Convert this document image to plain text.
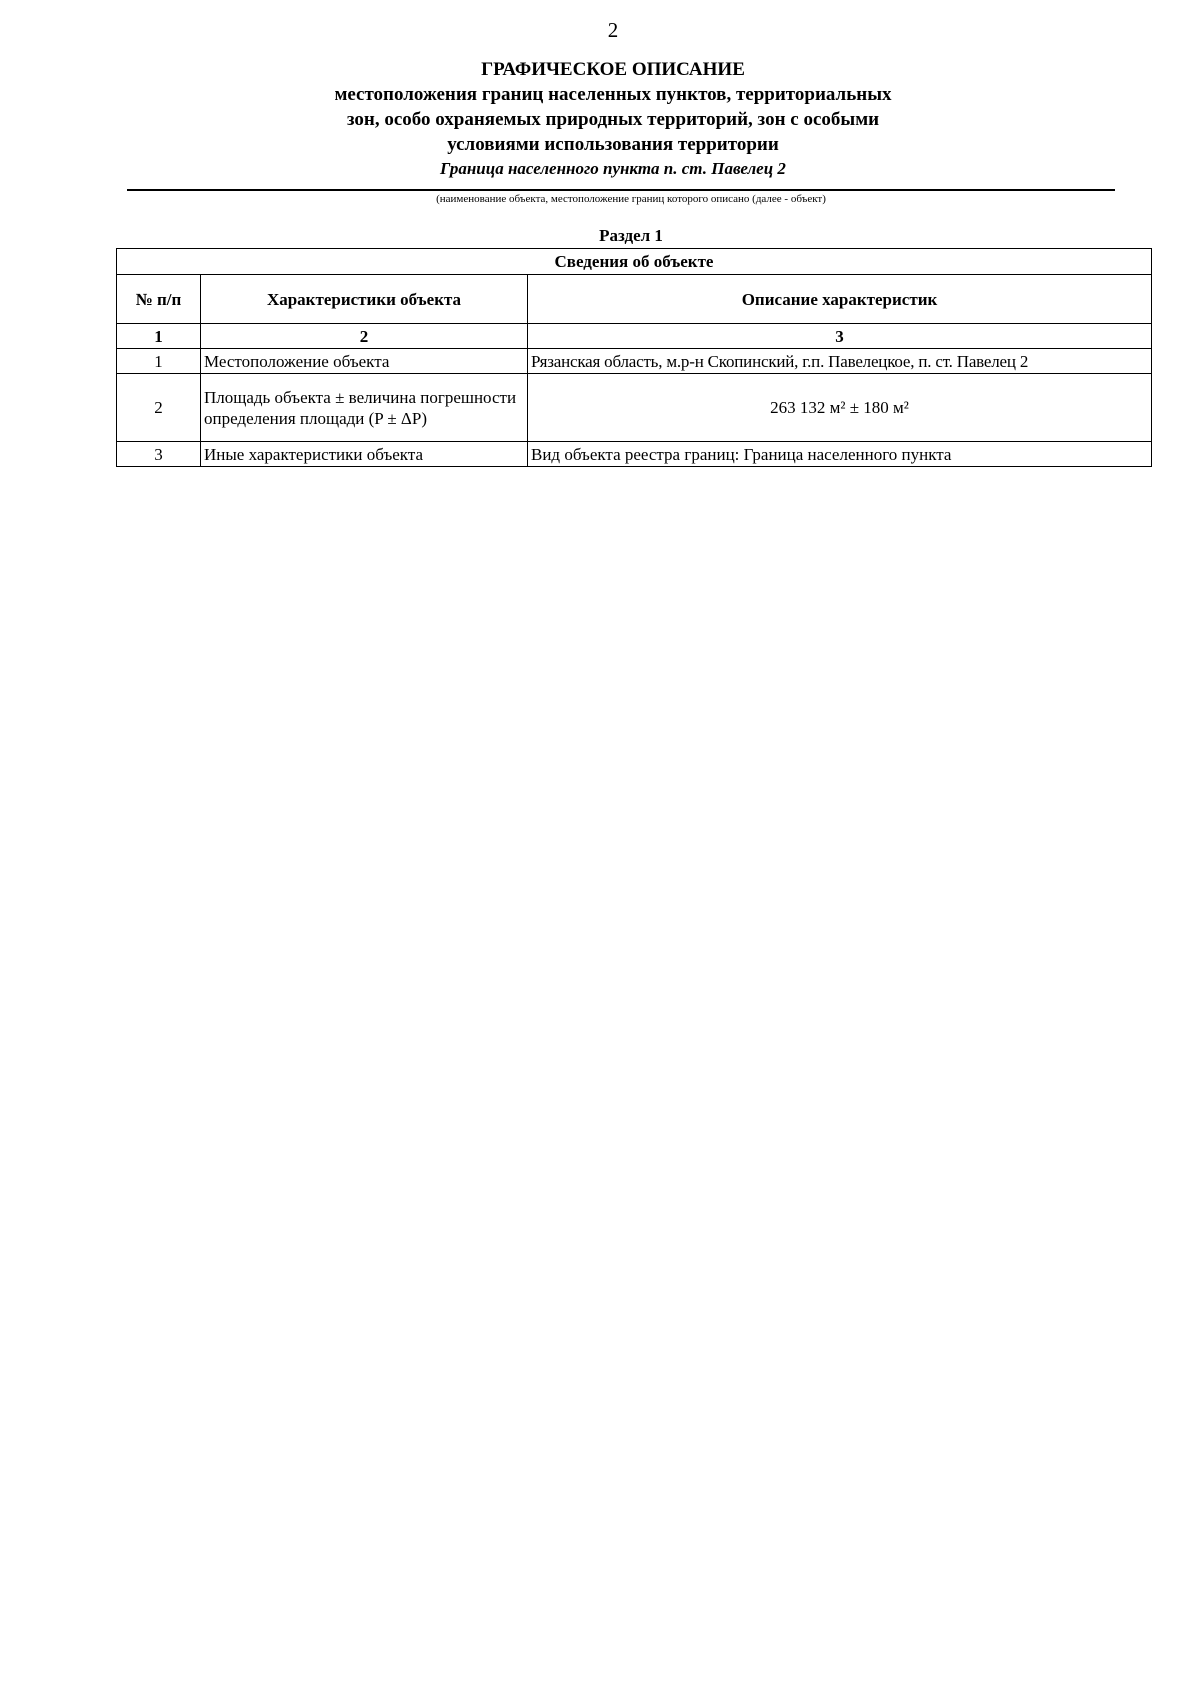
2
ГРАФИЧЕСКОЕ ОПИСАНИЕ
местоположения границ населенных пунктов, территориальных
зон, особо охраняемых природных территорий, зон с особыми
условиями использования территории
Граница населенного пункта п. ст. Павелец 2
(наименование объекта, местоположение границ которого описано (далее - объект)
Раздел 1
Сведения об объекте		
№ п/п	Характеристики объекта	Описание характеристик
1	2	3
1	Местоположение объекта	Рязанская область, м.р-н Скопинский, г.п. Павелецкое, п. ст. Павелец 2
2	Площадь объекта ± величина погрешности определения площади (P ± ΔP)	263 132 м² ± 180 м²
3	Иные характеристики объекта	Вид объекта реестра границ: Граница населенного пункта
